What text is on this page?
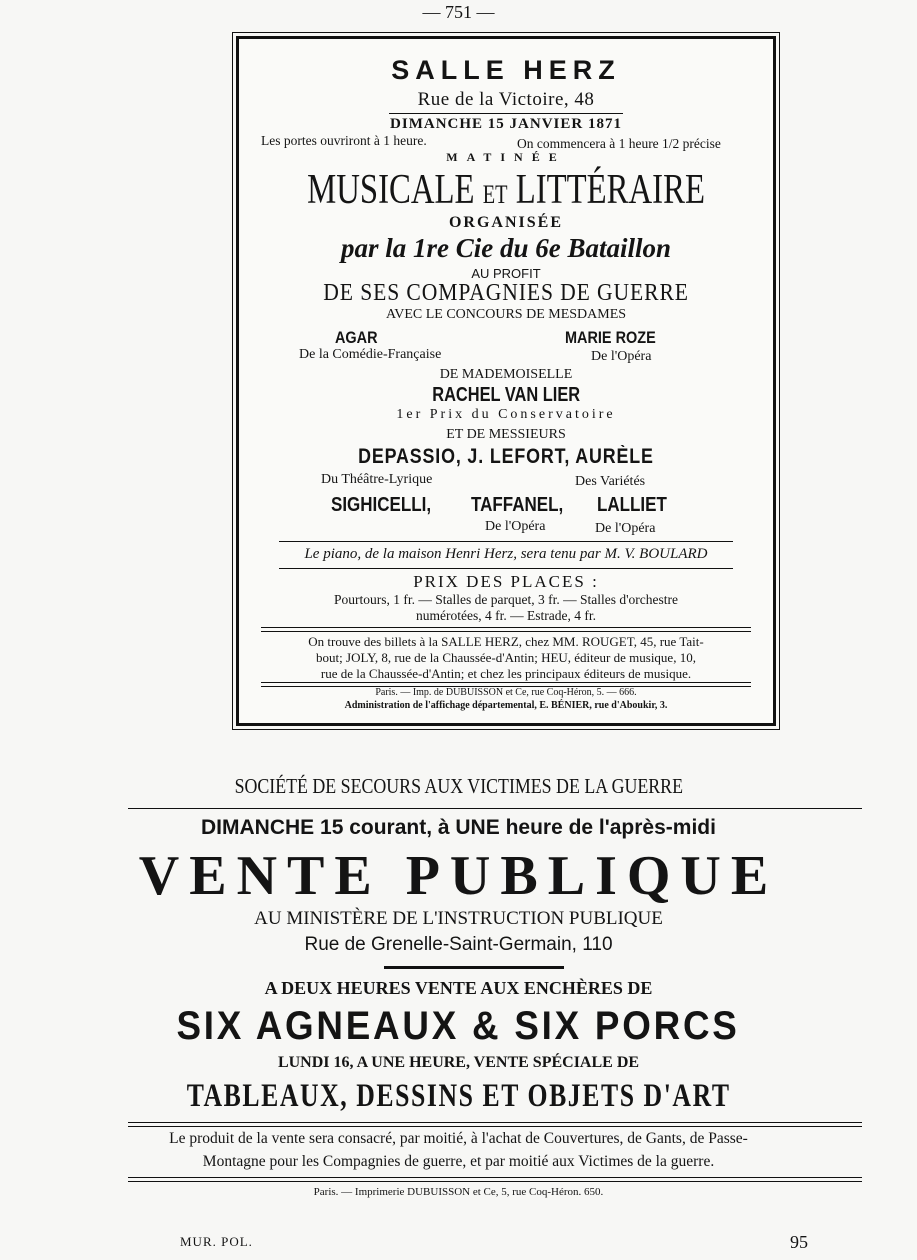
— 751 —
SALLE HERZ
Rue de la Victoire, 48
DIMANCHE 15 JANVIER 1871
Les portes ouvriront à 1 heure.	On commencera à 1 heure 1/2 précise
MATINÉE
MUSICALE ET LITTÉRAIRE
ORGANISÉE
par la 1re Cie du 6e Bataillon
AU PROFIT
DE SES COMPAGNIES DE GUERRE
AVEC LE CONCOURS DE MESDAMES
AGAR
De la Comédie-Française
MARIE ROZE
De l'Opéra
DE MADEMOISELLE
RACHEL VAN LIER
1er Prix du Conservatoire
ET DE MESSIEURS
DEPASSIO, J. LEFORT, AURÈLE
Du Théâtre-Lyrique	Des Variétés
SIGHICELLI, TAFFANEL, LALLIET
De l'Opéra	De l'Opéra
Le piano, de la maison Henri Herz, sera tenu par M. V. BOULARD
PRIX DES PLACES :
Pourtours, 1 fr. — Stalles de parquet, 3 fr. — Stalles d'orchestre
numérotées, 4 fr. — Estrade, 4 fr.
On trouve des billets à la SALLE HERZ, chez MM. ROUGET, 45, rue Tait-
bout; JOLY, 8, rue de la Chaussée-d'Antin; HEU, éditeur de musique, 10,
rue de la Chaussée-d'Antin; et chez les principaux éditeurs de musique.
Paris. — Imp. de DUBUISSON et Ce, rue Coq-Héron, 5. — 666.
Administration de l'affichage départemental, E. BÉNIER, rue d'Aboukir, 3.
SOCIÉTÉ DE SECOURS AUX VICTIMES DE LA GUERRE
DIMANCHE 15 courant, à UNE heure de l'après-midi
VENTE PUBLIQUE
AU MINISTÈRE DE L'INSTRUCTION PUBLIQUE
Rue de Grenelle-Saint-Germain, 110
A DEUX HEURES VENTE AUX ENCHÈRES DE
SIX AGNEAUX & SIX PORCS
LUNDI 16, A UNE HEURE, VENTE SPÉCIALE DE
TABLEAUX, DESSINS ET OBJETS D'ART
Le produit de la vente sera consacré, par moitié, à l'achat de Couvertures, de Gants, de Passe-
Montagne pour les Compagnies de guerre, et par moitié aux Victimes de la guerre.
Paris. — Imprimerie DUBUISSON et Ce, 5, rue Coq-Héron. 650.
MUR. POL.	95
